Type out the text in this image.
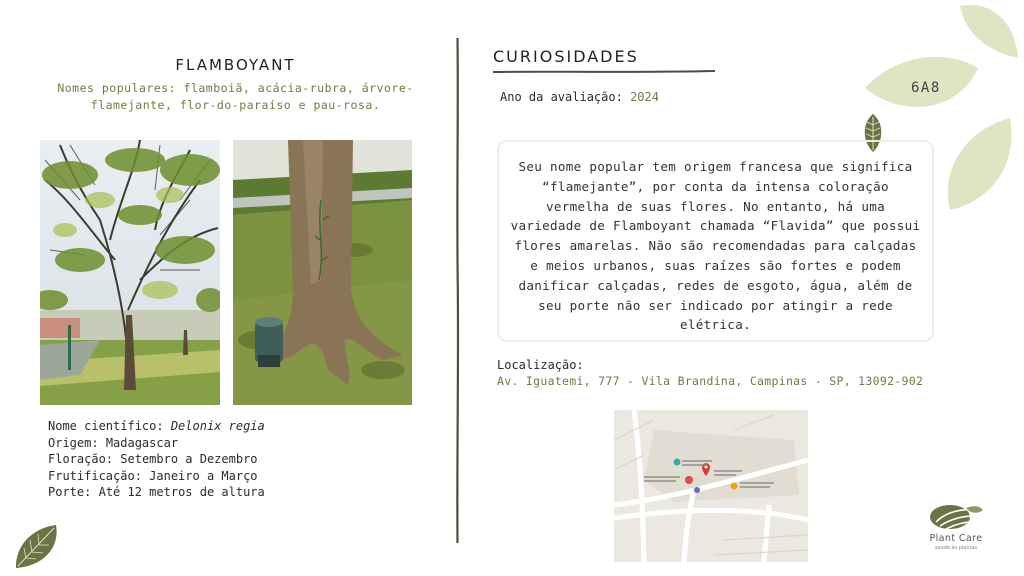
FLAMBOYANT
Nomes populares: flamboiã, acácia-rubra, árvore-flamejante, flor-do-paraíso e pau-rosa.
Nome científico: Delonix regia
Origem: Madagascar
Floração: Setembro a Dezembro
Frutificação: Janeiro a Março
Porte: Até 12 metros de altura
CURIOSIDADES
Ano da avaliação: 2024
6A8
Seu nome popular tem origem francesa que significa “flamejante”, por conta da intensa coloração vermelha de suas flores. No entanto, há uma variedade de Flamboyant chamada “Flavida” que possui flores amarelas. Não são recomendadas para calçadas e meios urbanos, suas raízes são fortes e podem danificar calçadas, redes de esgoto, água, além de seu porte não ser indicado por atingir a rede elétrica.
Localização:
Av. Iguatemi, 777 - Vila Brandina, Campinas - SP, 13092-902
Plant Care
saúde às plantas
